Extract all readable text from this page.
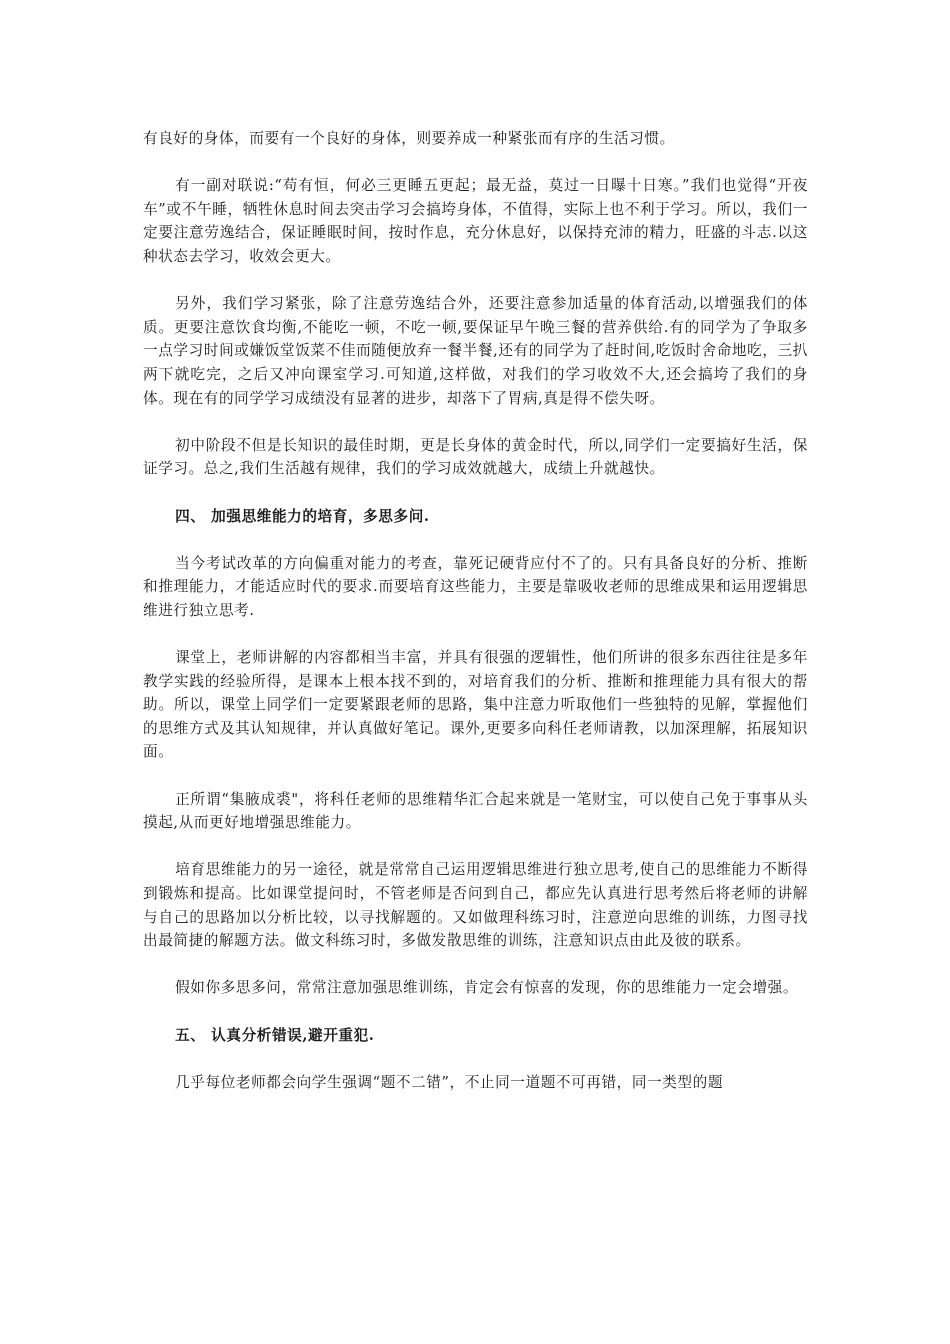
有良好的身体，而要有一个良好的身体，则要养成一种紧张而有序的生活习惯。

有一副对联说:“苟有恒，何必三更睡五更起；最无益，莫过一日曝十日寒。”我们也觉得“开夜车”或不午睡，牺牲休息时间去突击学习会搞垮身体，不值得，实际上也不利于学习。所以，我们一定要注意劳逸结合，保证睡眠时间，按时作息，充分休息好，以保持充沛的精力，旺盛的斗志.以这种状态去学习，收效会更大。

另外，我们学习紧张，除了注意劳逸结合外，还要注意参加适量的体育活动,以增强我们的体质。更要注意饮食均衡,不能吃一顿，不吃一顿,要保证早午晚三餐的营养供给.有的同学为了争取多一点学习时间或嫌饭堂饭菜不佳而随便放弃一餐半餐,还有的同学为了赶时间,吃饭时舍命地吃，三扒两下就吃完，之后又冲向课室学习.可知道,这样做，对我们的学习收效不大,还会搞垮了我们的身体。现在有的同学学习成绩没有显著的进步，却落下了胃病,真是得不偿失呀。

初中阶段不但是长知识的最佳时期，更是长身体的黄金时代，所以,同学们一定要搞好生活，保证学习。总之,我们生活越有规律，我们的学习成效就越大，成绩上升就越快。

四、 加强思维能力的培育，多思多问.

当今考试改革的方向偏重对能力的考查，靠死记硬背应付不了的。只有具备良好的分析、推断和推理能力，才能适应时代的要求.而要培育这些能力，主要是靠吸收老师的思维成果和运用逻辑思维进行独立思考.

课堂上，老师讲解的内容都相当丰富，并具有很强的逻辑性，他们所讲的很多东西往往是多年教学实践的经验所得，是课本上根本找不到的，对培育我们的分析、推断和推理能力具有很大的帮助。所以，课堂上同学们一定要紧跟老师的思路，集中注意力听取他们一些独特的见解，掌握他们的思维方式及其认知规律，并认真做好笔记。课外,更要多向科任老师请教，以加深理解，拓展知识面。

正所谓“集腋成裘"，将科任老师的思维精华汇合起来就是一笔财宝，可以使自己免于事事从头摸起,从而更好地增强思维能力。

培育思维能力的另一途径，就是常常自己运用逻辑思维进行独立思考,使自己的思维能力不断得到锻炼和提高。比如课堂提问时，不管老师是否问到自己，都应先认真进行思考然后将老师的讲解与自己的思路加以分析比较，以寻找解题的。又如做理科练习时，注意逆向思维的训练，力图寻找出最简捷的解题方法。做文科练习时，多做发散思维的训练，注意知识点由此及彼的联系。

假如你多思多问，常常注意加强思维训练，肯定会有惊喜的发现，你的思维能力一定会增强。

五、 认真分析错误,避开重犯.

几乎每位老师都会向学生强调“题不二错”，不止同一道题不可再错，同一类型的题
